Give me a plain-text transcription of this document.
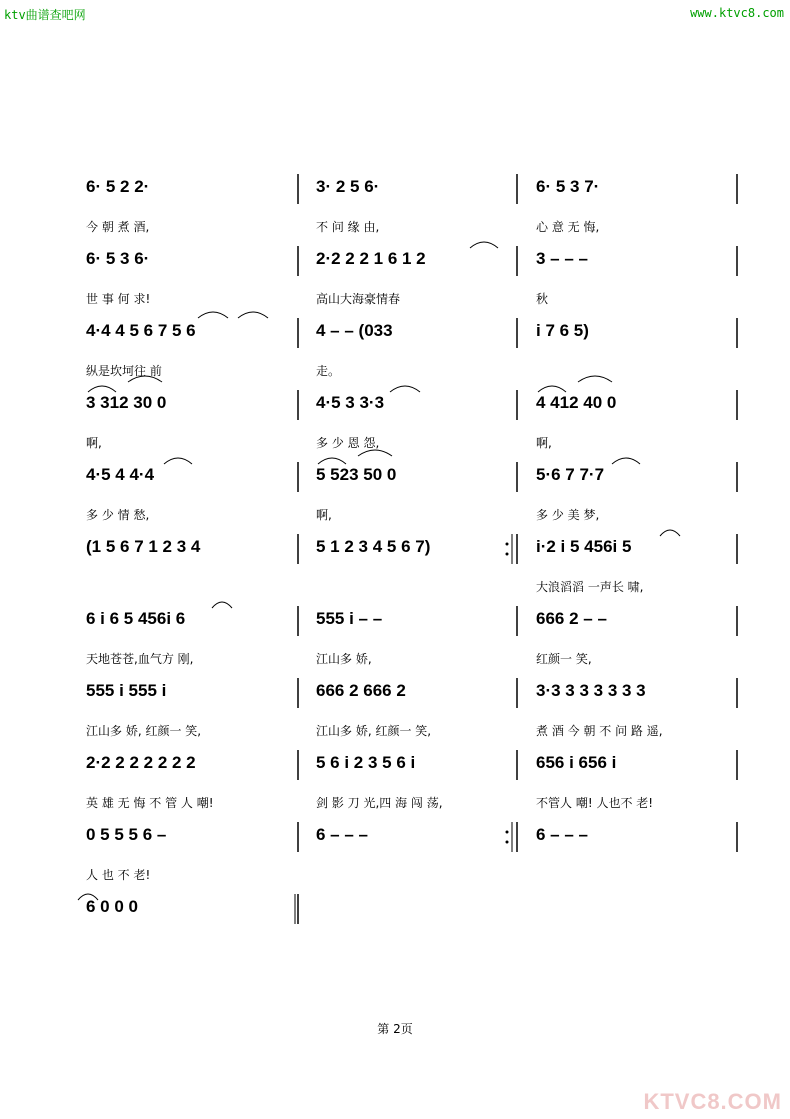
ktv曲谱查吧网	www.ktvc8.com
6· 5 2 2·
今 朝 煮 酒,
3· 2 5 6·
不 问 缘 由,
6· 5 3 7·
心 意 无 悔,
6· 5 3 6·
世 事 何 求!
2·2 2 2 1 6 1 2
高山大海豪情春
3 – – –
秋
4·4 4 5 6 7 5 6
纵是坎坷往 前
4 – – (033
走。
i 7 6 5)
3 312 30 0
啊,
4·5 3 3·3
多 少 恩 怨,
4 412 40 0
啊,
4·5 4 4·4
多 少 情 愁,
5 523 50 0
啊,
5·6 7 7·7
多 少 美 梦,
(1 5 6 7 1 2 3 4	5 1 2 3 4 5 6 7)	i·2 i 5 456i 5
大浪滔滔 一声长 啸,
6 i 6 5 456i 6
天地苍苍,血气方 刚,
555 i – –
江山多 娇,
666 2 – –
红颜一 笑,
555 i 555 i
江山多 娇, 红颜一 笑,
666 2 666 2
江山多 娇, 红颜一 笑,
3·3 3 3 3 3 3 3
煮 酒 今 朝 不 问 路 遥,
2·2 2 2 2 2 2 2
英 雄 无 悔 不 管 人 嘲!
5 6 i 2 3 5 6 i
剑 影 刀 光,四 海 闯 荡,
656 i 656 i
不管人 嘲! 人也不 老!
0 5 5 5 6 –
人 也 不 老!
6 – – –	6 – – –
6 0 0 0
第 2页
KTVC8.COM
